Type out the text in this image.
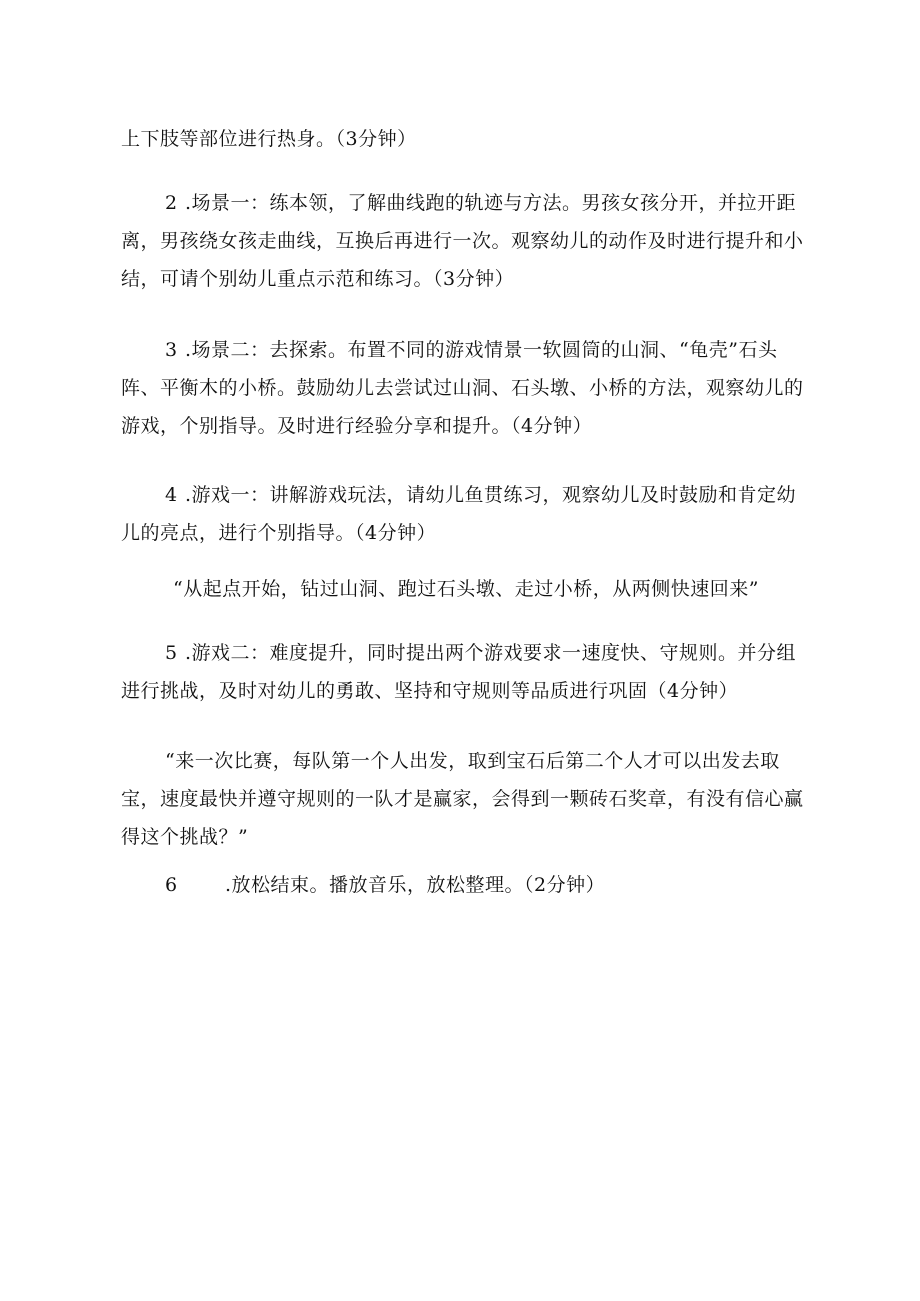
上下肢等部位进行热身。（3分钟）

2 .场景一：练本领，了解曲线跑的轨迹与方法。男孩女孩分开，并拉开距离，男孩绕女孩走曲线，互换后再进行一次。观察幼儿的动作及时进行提升和小结，可请个别幼儿重点示范和练习。（3分钟）

3 .场景二：去探索。布置不同的游戏情景一软圆筒的山洞、“龟壳”石头阵、平衡木的小桥。鼓励幼儿去尝试过山洞、石头墩、小桥的方法，观察幼儿的游戏，个别指导。及时进行经验分享和提升。（4分钟）

4 .游戏一：讲解游戏玩法，请幼儿鱼贯练习，观察幼儿及时鼓励和肯定幼儿的亮点，进行个别指导。（4分钟）

“从起点开始，钻过山洞、跑过石头墩、走过小桥，从两侧快速回来”

5 .游戏二：难度提升，同时提出两个游戏要求一速度快、守规则。并分组进行挑战，及时对幼儿的勇敢、坚持和守规则等品质进行巩固（4分钟）

“来一次比赛，每队第一个人出发，取到宝石后第二个人才可以出发去取宝，速度最快并遵守规则的一队才是赢家，会得到一颗砖石奖章，有没有信心赢得这个挑战？”

6 .放松结束。播放音乐，放松整理。（2分钟）
